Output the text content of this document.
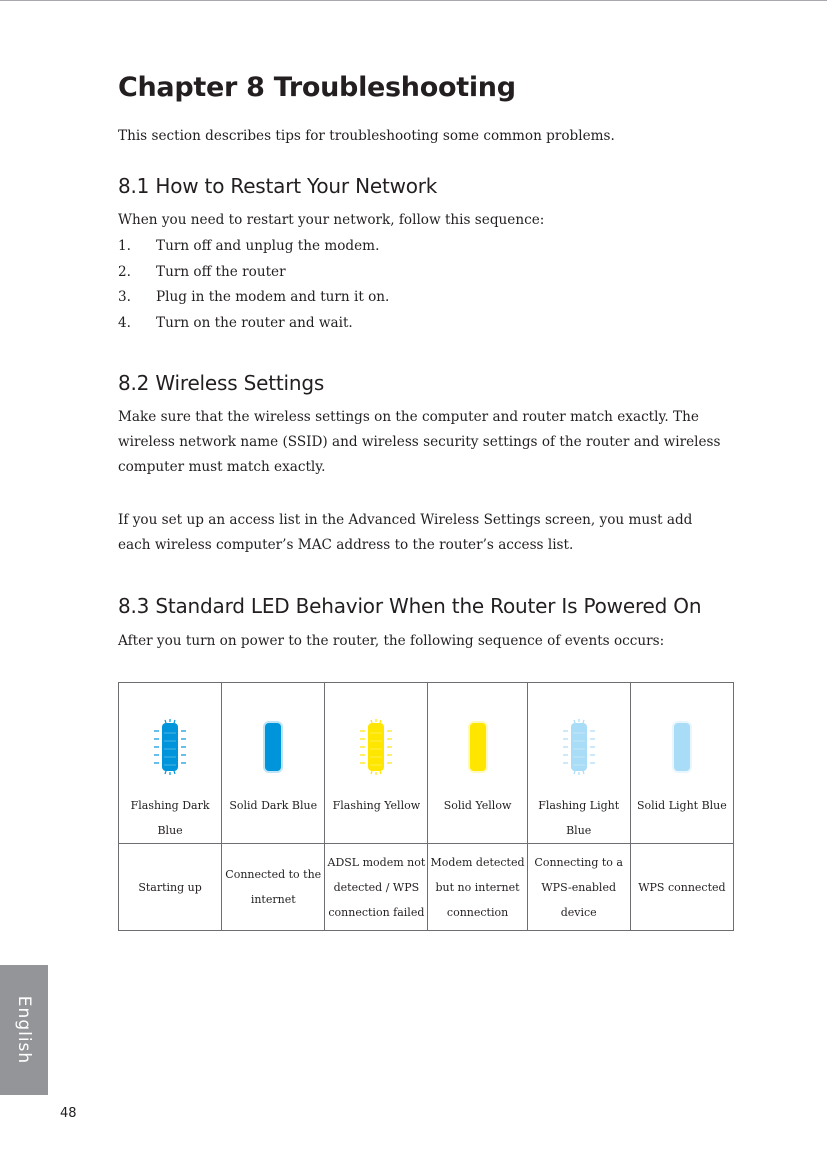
Chapter 8 Troubleshooting

This section describes tips for troubleshooting some common problems.

8.1 How to Restart Your Network

When you need to restart your network, follow this sequence:

1.	Turn off and unplug the modem.
2.	Turn off the router
3.	Plug in the modem and turn it on.
4.	Turn on the router and wait.
8.2 Wireless Settings

Make sure that the wireless settings on the computer and router match exactly. The wireless network name (SSID) and wireless security settings of the router and wireless computer must match exactly.

If you set up an access list in the Advanced Wireless Settings screen, you must add each wireless computer’s MAC address to the router’s access list.

8.3 Standard LED Behavior When the Router Is Powered On

After you turn on power to the router, the following sequence of events occurs:

Flashing Dark Blue	Solid Dark Blue	Flashing Yellow	Solid Yellow	Flashing Light Blue	Solid Light Blue

Starting up	Connected to the internet	ADSL modem not detected / WPS connection failed	Modem detected but no internet connection	Connecting to a WPS-enabled device	WPS connected
English
48
